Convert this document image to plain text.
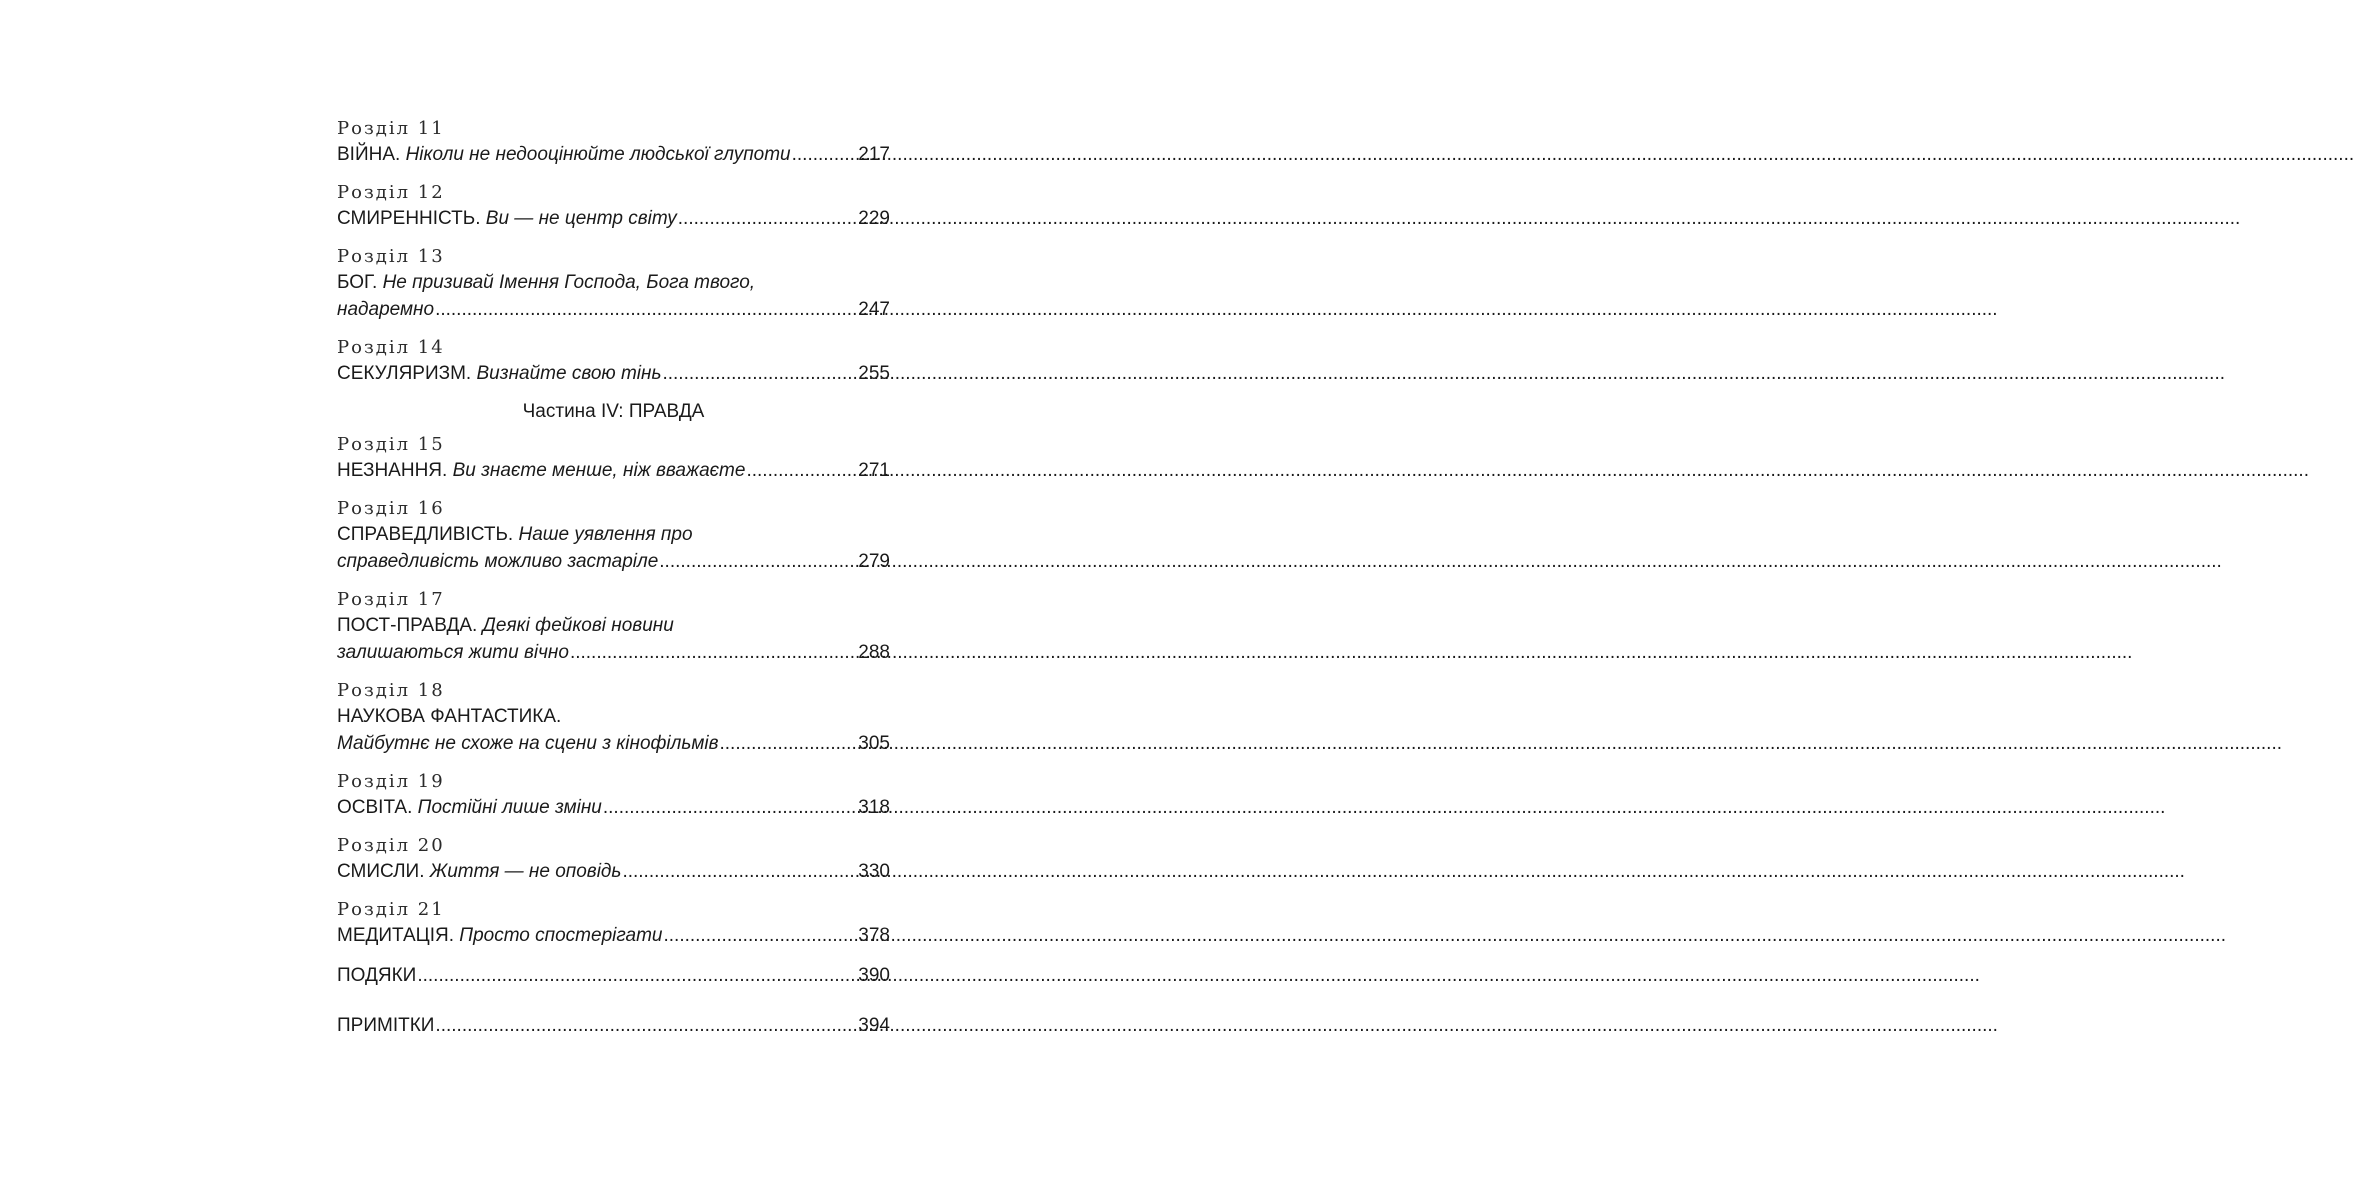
Розділ 11
ВІЙНА. Ніколи не недооцінюйте людської глупоти .....	217
Розділ 12
СМИРЕННІСТЬ. Ви — не центр світу .....	229
Розділ 13
БОГ. Не призивай Імення Господа, Бога твого,
надаремно .....	247
Розділ 14
СЕКУЛЯРИЗМ. Визнайте свою тінь .....	255
Частина IV: ПРАВДА
Розділ 15
НЕЗНАННЯ. Ви знаєте менше, ніж вважаєте .....	271
Розділ 16
СПРАВЕДЛИВІСТЬ. Наше уявлення про
справедливість можливо застаріле .....	279
Розділ 17
ПОСТ-ПРАВДА. Деякі фейкові новини
залишаються жити вічно .....	288
Розділ 18
НАУКОВА ФАНТАСТИКА.
Майбутнє не схоже на сцени з кінофільмів .....	305
Розділ 19
ОСВІТА. Постійні лише зміни .....	318
Розділ 20
СМИСЛИ. Життя — не оповідь .....	330
Розділ 21
МЕДИТАЦІЯ. Просто спостерігати .....	378
ПОДЯКИ .....	390
ПРИМІТКИ .....	394
